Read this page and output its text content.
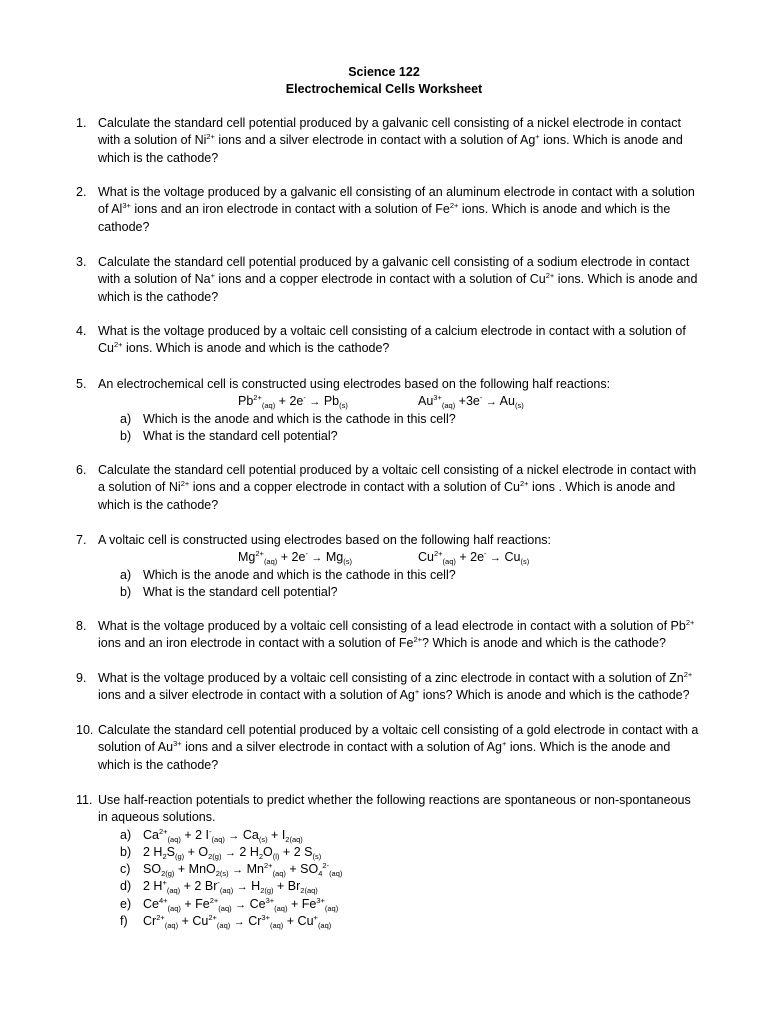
Science 122
Electrochemical Cells Worksheet
1. Calculate the standard cell potential produced by a galvanic cell consisting of a nickel electrode in contact
with a solution of $Ni^{2+}$ ions and a silver electrode in contact with a solution of Ag+ ions. Which is anode and
which is the cathode?
2. What is the voltage produced by a galvanic ell consisting of an aluminum electrode in contact with a solution
of $Al^{3+}$ ions and an iron electrode in contact with a solution of $Fe^{2+}$ ions. Which is anode and which is the
cathode?
3. Calculate the standard cell potential produced by a galvanic cell consisting of a sodium electrode in contact
with a solution of Na+ ions and a copper electrode in contact with a solution of $Cu^{2+}$ ions. Which is anode and
which is the cathode?
4. What is the voltage produced by a voltaic cell consisting of a calcium electrode in contact with a solution of
$Cu^{2+}$ ions. Which is anode and which is the cathode?
5. An electrochemical cell is constructed using electrodes based on the following half reactions:
$Pb^{2+}_{(aq)} + 2e^- \to Pb_{(s)}$	$Au^{3+}_{(aq)} +3e^- \to Au_{(s)}$
a) Which is the anode and which is the cathode in this cell?
b) What is the standard cell potential?
6. Calculate the standard cell potential produced by a voltaic cell consisting of a nickel electrode in contact with
a solution of $Ni^{2+}$ ions and a copper electrode in contact with a solution of $Cu^{2+}$ ions . Which is anode and
which is the cathode?
7. A voltaic cell is constructed using electrodes based on the following half reactions:
$Mg^{2+}_{(aq)} + 2e^- \to Mg_{(s)}$	$Cu^{2+}_{(aq)} + 2e^- \to Cu_{(s)}$
a) Which is the anode and which is the cathode in this cell?
b) What is the standard cell potential?
8. What is the voltage produced by a voltaic cell consisting of a lead electrode in contact with a solution of $Pb^{2+}$
ions and an iron electrode in contact with a solution of $Fe^{2+}$? Which is anode and which is the cathode?
9. What is the voltage produced by a voltaic cell consisting of a zinc electrode in contact with a solution of $Zn^{2+}$
ions and a silver electrode in contact with a solution of Ag+ ions? Which is anode and which is the cathode?
10. Calculate the standard cell potential produced by a voltaic cell consisting of a gold electrode in contact with a
solution of $Au^{3+}$ ions and a silver electrode in contact with a solution of Ag+ ions. Which is the anode and
which is the cathode?
11. Use half-reaction potentials to predict whether the following reactions are spontaneous or non-spontaneous
in aqueous solutions.
a) $Ca^{2+}_{(aq)} + 2$ $I^-_{(aq)} \to Ca_{(s)} + I_{2(aq)}$
b) 2 $H_2S_{(g)} + O_{2(g)} \to 2$ $H_2O_{(l)} + 2$ $S_{(s)}$
c) $SO_{2(g)} + MnO_{2(s)} \to Mn^{2+}_{(aq)} + SO_4^{2-}_{(aq)}$
d) 2 $H^+_{(aq)} + 2$ $Br^-_{(aq)} \to H_{2(g)} + Br_{2(aq)}$
e) $Ce^{4+}_{(aq)} + Fe^{2+}_{(aq)} \to Ce^{3+}_{(aq)} + Fe^{3+}_{(aq)}$
f) $Cr^{2+}_{(aq)} + Cu^{2+}_{(aq)} \to Cr^{3+}_{(aq)} + Cu^+_{(aq)}$
